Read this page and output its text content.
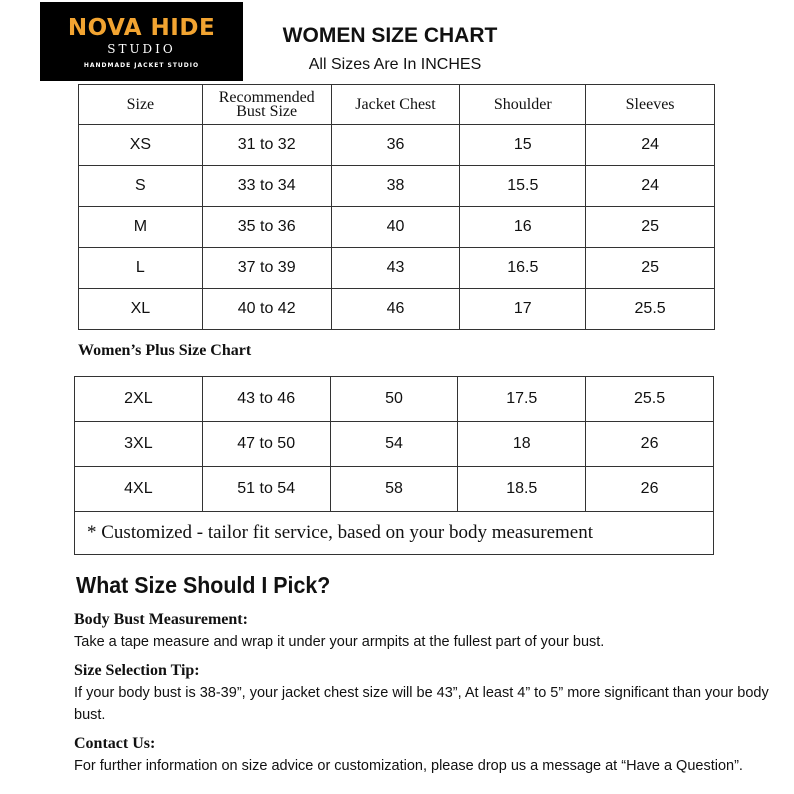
NOVA HIDE
STUDIO
HANDMADE JACKET STUDIO
WOMEN SIZE CHART
All Sizes Are In INCHES
Size	Recommended Bust Size	Jacket Chest	Shoulder	Sleeves
XS	31 to 32	36	15	24
S	33 to 34	38	15.5	24
M	35 to 36	40	16	25
L	37 to 39	43	16.5	25
XL	40 to 42	46	17	25.5
Women’s Plus Size Chart
2XL	43 to 46	50	17.5	25.5
3XL	47 to 50	54	18	26
4XL	51 to 54	58	18.5	26
* Customized - tailor fit service, based on your body measurement				
What Size Should I Pick?
Body Bust Measurement:
Take a tape measure and wrap it under your armpits at the fullest part of your bust.
Size Selection Tip:
If your body bust is 38-39”, your jacket chest size will be 43”, At least 4” to 5” more significant than your body bust.
Contact Us:
For further information on size advice or customization, please drop us a message at “Have a Question”.
